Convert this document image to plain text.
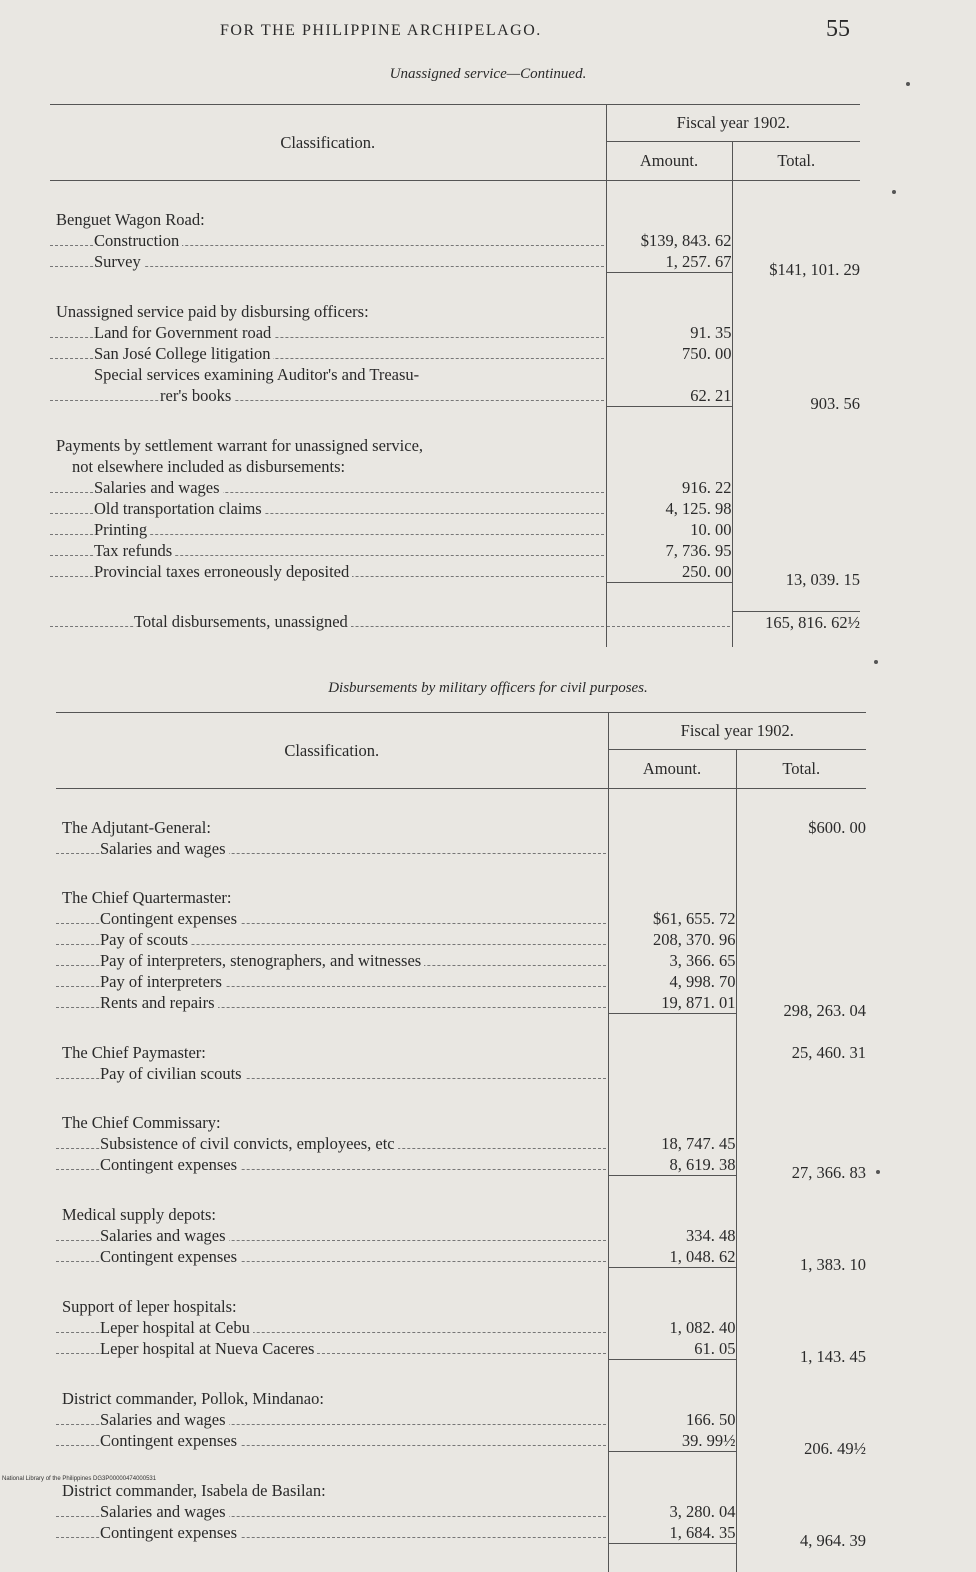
FOR THE PHILIPPINE ARCHIPELAGO.	55
Unassigned service—Continued.
Classification.	Fiscal year 1902.	
	Amount.	Total.

Benguet Wagon Road:		

Construction	$139, 843. 62	

Survey	1, 257. 67	$141, 101. 29

Unassigned service paid by disbursing officers:		

Land for Government road	91. 35	

San José College litigation	750. 00	

Special services examining Auditor's and Treasu-		

rer's books	62. 21	903. 56

Payments by settlement warrant for unassigned service,		

not elsewhere included as disbursements:		

Salaries and wages	916. 22	

Old transportation claims	4, 125. 98	

Printing	10. 00	

Tax refunds	7, 736. 95	

Provincial taxes erroneously deposited	250. 00	13, 039. 15

Total disbursements, unassigned		165, 816. 62½

Disbursements by military officers for civil purposes.
Classification.	Fiscal year 1902.	
	Amount.	Total.

The Adjutant-General:		$600. 00

Salaries and wages		

The Chief Quartermaster:		

Contingent expenses	$61, 655. 72	

Pay of scouts	208, 370. 96	

Pay of interpreters, stenographers, and witnesses	3, 366. 65	

Pay of interpreters	4, 998. 70	

Rents and repairs	19, 871. 01	298, 263. 04

The Chief Paymaster:		25, 460. 31

Pay of civilian scouts		

The Chief Commissary:		

Subsistence of civil convicts, employees, etc	18, 747. 45	

Contingent expenses	8, 619. 38	27, 366. 83

Medical supply depots:		

Salaries and wages	334. 48	

Contingent expenses	1, 048. 62	1, 383. 10

Support of leper hospitals:		

Leper hospital at Cebu	1, 082. 40	

Leper hospital at Nueva Caceres	61. 05	1, 143. 45

District commander, Pollok, Mindanao:		

Salaries and wages	166. 50	

Contingent expenses	39. 99½	206. 49½

District commander, Isabela de Basilan:		

Salaries and wages	3, 280. 04	

Contingent expenses	1, 684. 35	4, 964. 39

National Library of the Philippines DG3P00000474000531
